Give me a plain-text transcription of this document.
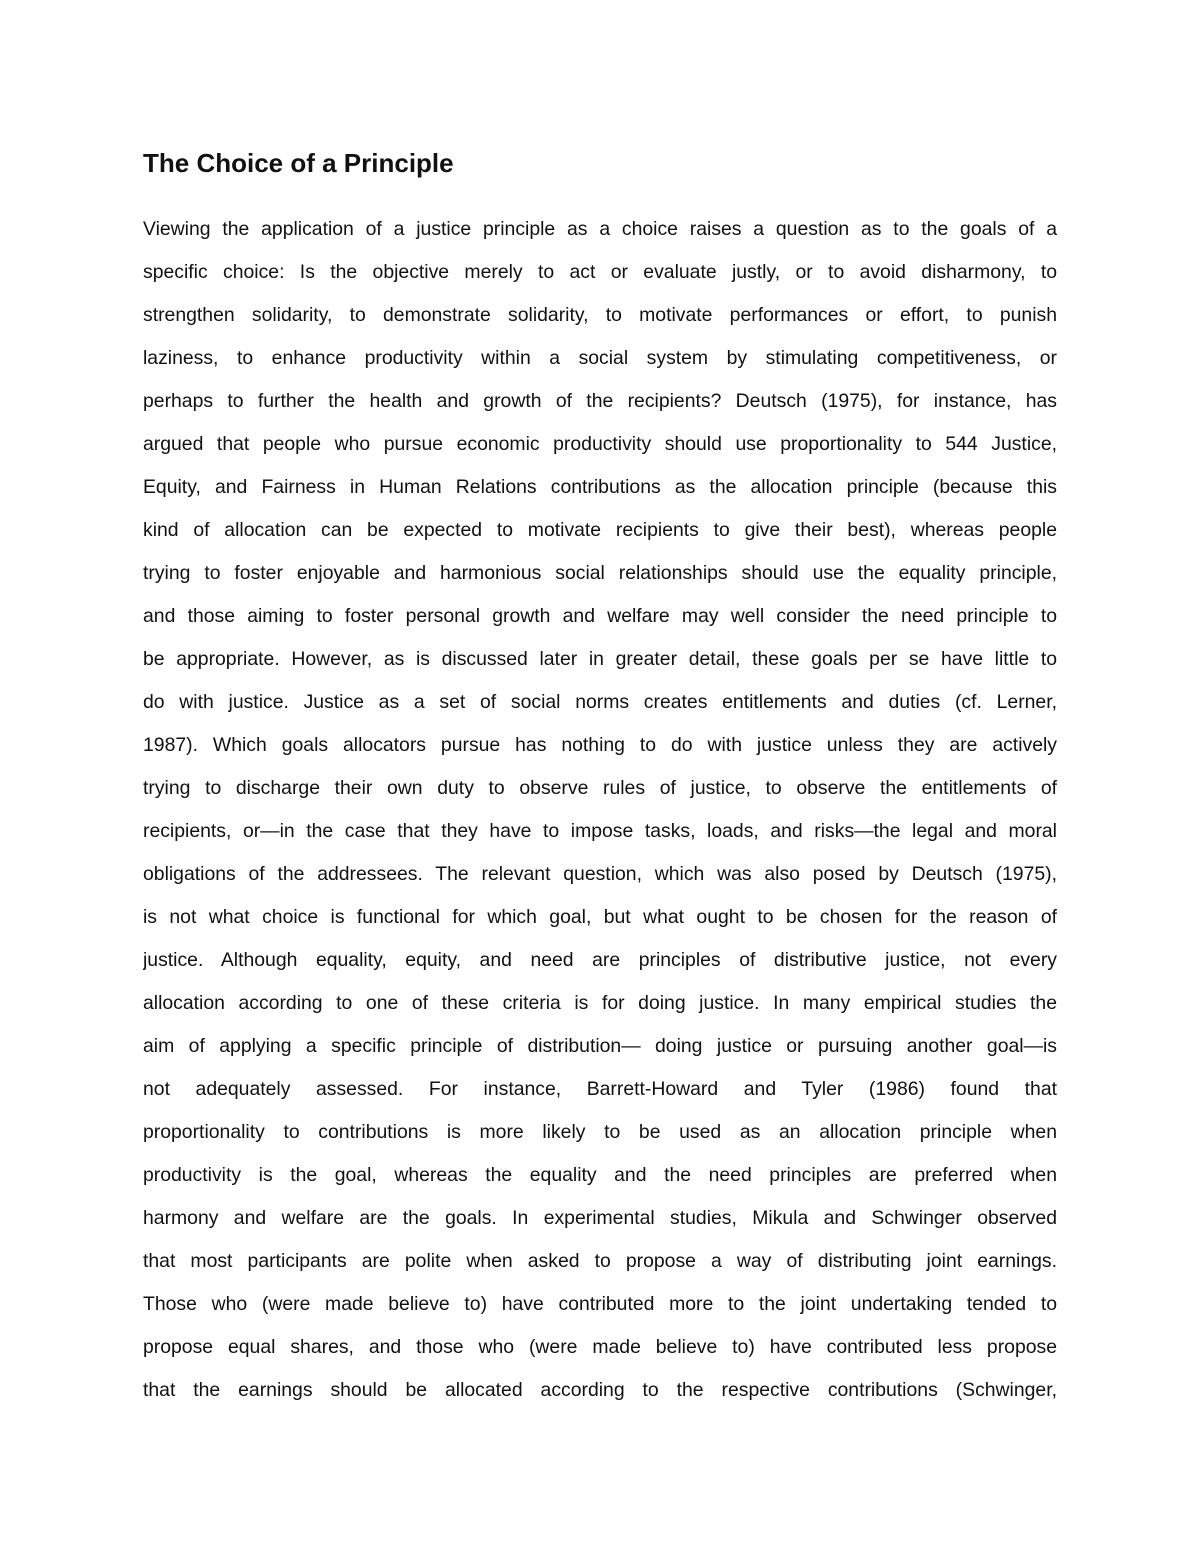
The Choice of a Principle
Viewing the application of a justice principle as a choice raises a question as to the goals of a
specific choice: Is the objective merely to act or evaluate justly, or to avoid disharmony, to
strengthen solidarity, to demonstrate solidarity, to motivate performances or effort, to punish
laziness, to enhance productivity within a social system by stimulating competitiveness, or
perhaps to further the health and growth of the recipients? Deutsch (1975), for instance, has
argued that people who pursue economic productivity should use proportionality to 544 Justice,
Equity, and Fairness in Human Relations contributions as the allocation principle (because this
kind of allocation can be expected to motivate recipients to give their best), whereas people
trying to foster enjoyable and harmonious social relationships should use the equality principle,
and those aiming to foster personal growth and welfare may well consider the need principle to
be appropriate. However, as is discussed later in greater detail, these goals per se have little to
do with justice. Justice as a set of social norms creates entitlements and duties (cf. Lerner,
1987). Which goals allocators pursue has nothing to do with justice unless they are actively
trying to discharge their own duty to observe rules of justice, to observe the entitlements of
recipients, or—in the case that they have to impose tasks, loads, and risks—the legal and moral
obligations of the addressees. The relevant question, which was also posed by Deutsch (1975),
is not what choice is functional for which goal, but what ought to be chosen for the reason of
justice. Although equality, equity, and need are principles of distributive justice, not every
allocation according to one of these criteria is for doing justice. In many empirical studies the
aim of applying a specific principle of distribution— doing justice or pursuing another goal—is
not adequately assessed. For instance, Barrett-Howard and Tyler (1986) found that
proportionality to contributions is more likely to be used as an allocation principle when
productivity is the goal, whereas the equality and the need principles are preferred when
harmony and welfare are the goals. In experimental studies, Mikula and Schwinger observed
that most participants are polite when asked to propose a way of distributing joint earnings.
Those who (were made believe to) have contributed more to the joint undertaking tended to
propose equal shares, and those who (were made believe to) have contributed less propose
that the earnings should be allocated according to the respective contributions (Schwinger,
